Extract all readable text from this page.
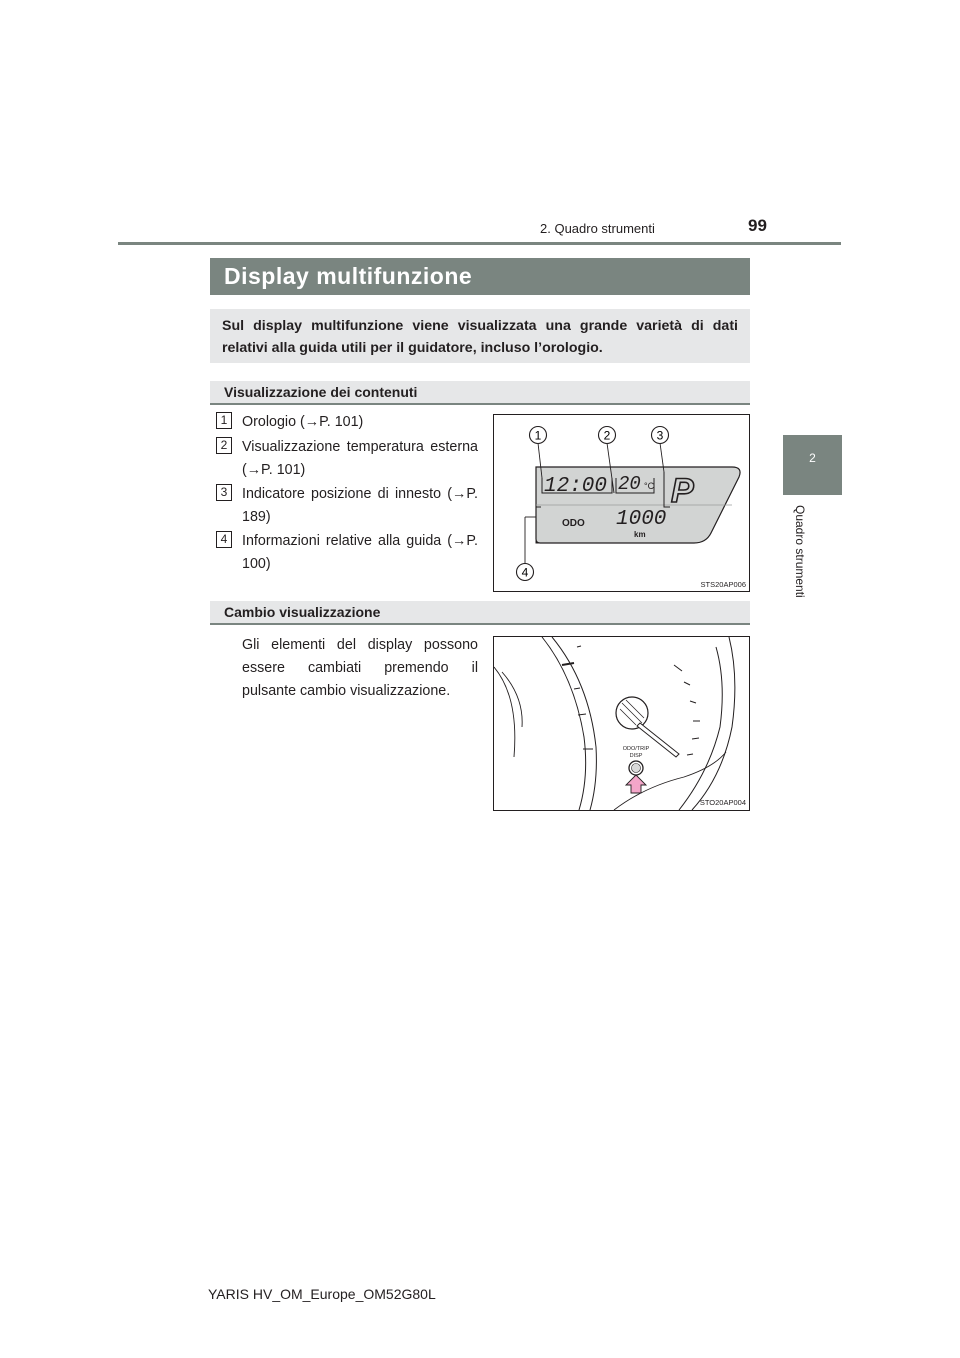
2. Quadro strumenti	99
2
Quadro strumenti
Display multifunzione
Sul display multifunzione viene visualizzata una grande varietà di dati relativi alla guida utili per il guidatore, incluso l’orologio.
Visualizzazione dei contenuti
1	Orologio (→P. 101)
2	Visualizzazione temperatura esterna (→P. 101)
3	Indicatore posizione di innesto (→P. 189)
4	Informazioni relative alla guida (→P. 100)
12:00 20 °C P
ODO 1000
km
1	2	3
4
STS20AP006
Cambio visualizzazione
Gli elementi del display possono essere cambiati premendo il pulsante cambio visualizzazione.
ODO/TRIP
DISP
STO20AP004
YARIS HV_OM_Europe_OM52G80L
